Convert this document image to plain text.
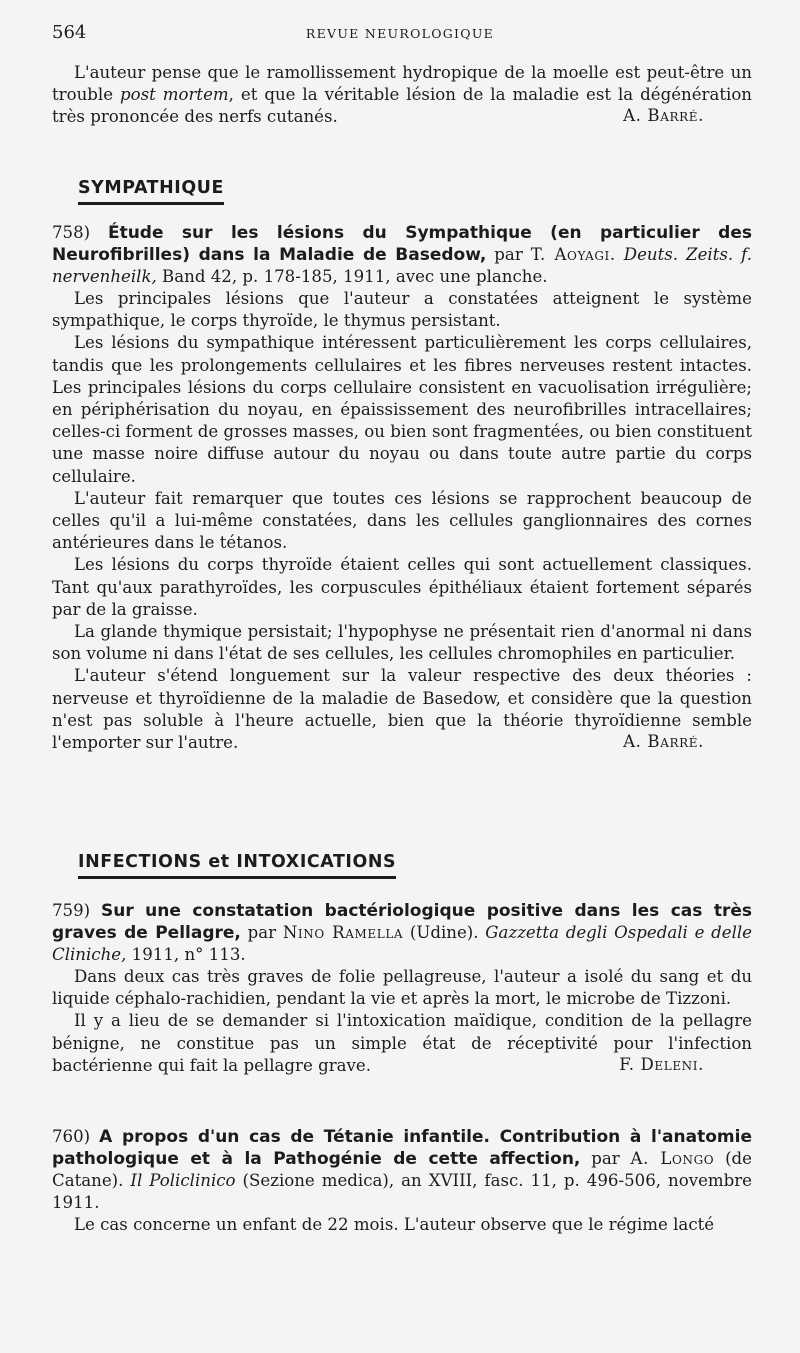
564	REVUE NEUROLOGIQUE

L'auteur pense que le ramollissement hydropique de la moelle est peut-être un trouble post mortem, et que la véritable lésion de la maladie est la dégénération très prononcée des nerfs cutanés.	A. Barré.
SYMPATHIQUE

758) Étude sur les lésions du Sympathique (en particulier des Neurofibrilles) dans la Maladie de Basedow, par T. Aoyagi. Deuts. Zeits. f. nervenheilk, Band 42, p. 178-185, 1911, avec une planche.

Les principales lésions que l'auteur a constatées atteignent le système sympathique, le corps thyroïde, le thymus persistant.

Les lésions du sympathique intéressent particulièrement les corps cellulaires, tandis que les prolongements cellulaires et les fibres nerveuses restent intactes. Les principales lésions du corps cellulaire consistent en vacuolisation irrégulière; en périphérisation du noyau, en épaississement des neurofibrilles intracellaires; celles-ci forment de grosses masses, ou bien sont fragmentées, ou bien constituent une masse noire diffuse autour du noyau ou dans toute autre partie du corps cellulaire.

L'auteur fait remarquer que toutes ces lésions se rapprochent beaucoup de celles qu'il a lui-même constatées, dans les cellules ganglionnaires des cornes antérieures dans le tétanos.

Les lésions du corps thyroïde étaient celles qui sont actuellement classiques. Tant qu'aux parathyroïdes, les corpuscules épithéliaux étaient fortement séparés par de la graisse.

La glande thymique persistait; l'hypophyse ne présentait rien d'anormal ni dans son volume ni dans l'état de ses cellules, les cellules chromophiles en particulier.

L'auteur s'étend longuement sur la valeur respective des deux théories : nerveuse et thyroïdienne de la maladie de Basedow, et considère que la question n'est pas soluble à l'heure actuelle, bien que la théorie thyroïdienne semble l'emporter sur l'autre.	A. Barré.
INFECTIONS et INTOXICATIONS

759) Sur une constatation bactériologique positive dans les cas très graves de Pellagre, par Nino Ramella (Udine). Gazzetta degli Ospedali e delle Cliniche, 1911, n° 113.

Dans deux cas très graves de folie pellagreuse, l'auteur a isolé du sang et du liquide céphalo-rachidien, pendant la vie et après la mort, le microbe de Tizzoni.

Il y a lieu de se demander si l'intoxication maïdique, condition de la pellagre bénigne, ne constitue pas un simple état de réceptivité pour l'infection bactérienne qui fait la pellagre grave.	F. Deleni.

760) A propos d'un cas de Tétanie infantile. Contribution à l'anatomie pathologique et à la Pathogénie de cette affection, par A. Longo (de Catane). Il Policlinico (Sezione medica), an XVIII, fasc. 11, p. 496-506, novembre 1911.

Le cas concerne un enfant de 22 mois. L'auteur observe que le régime lacté
